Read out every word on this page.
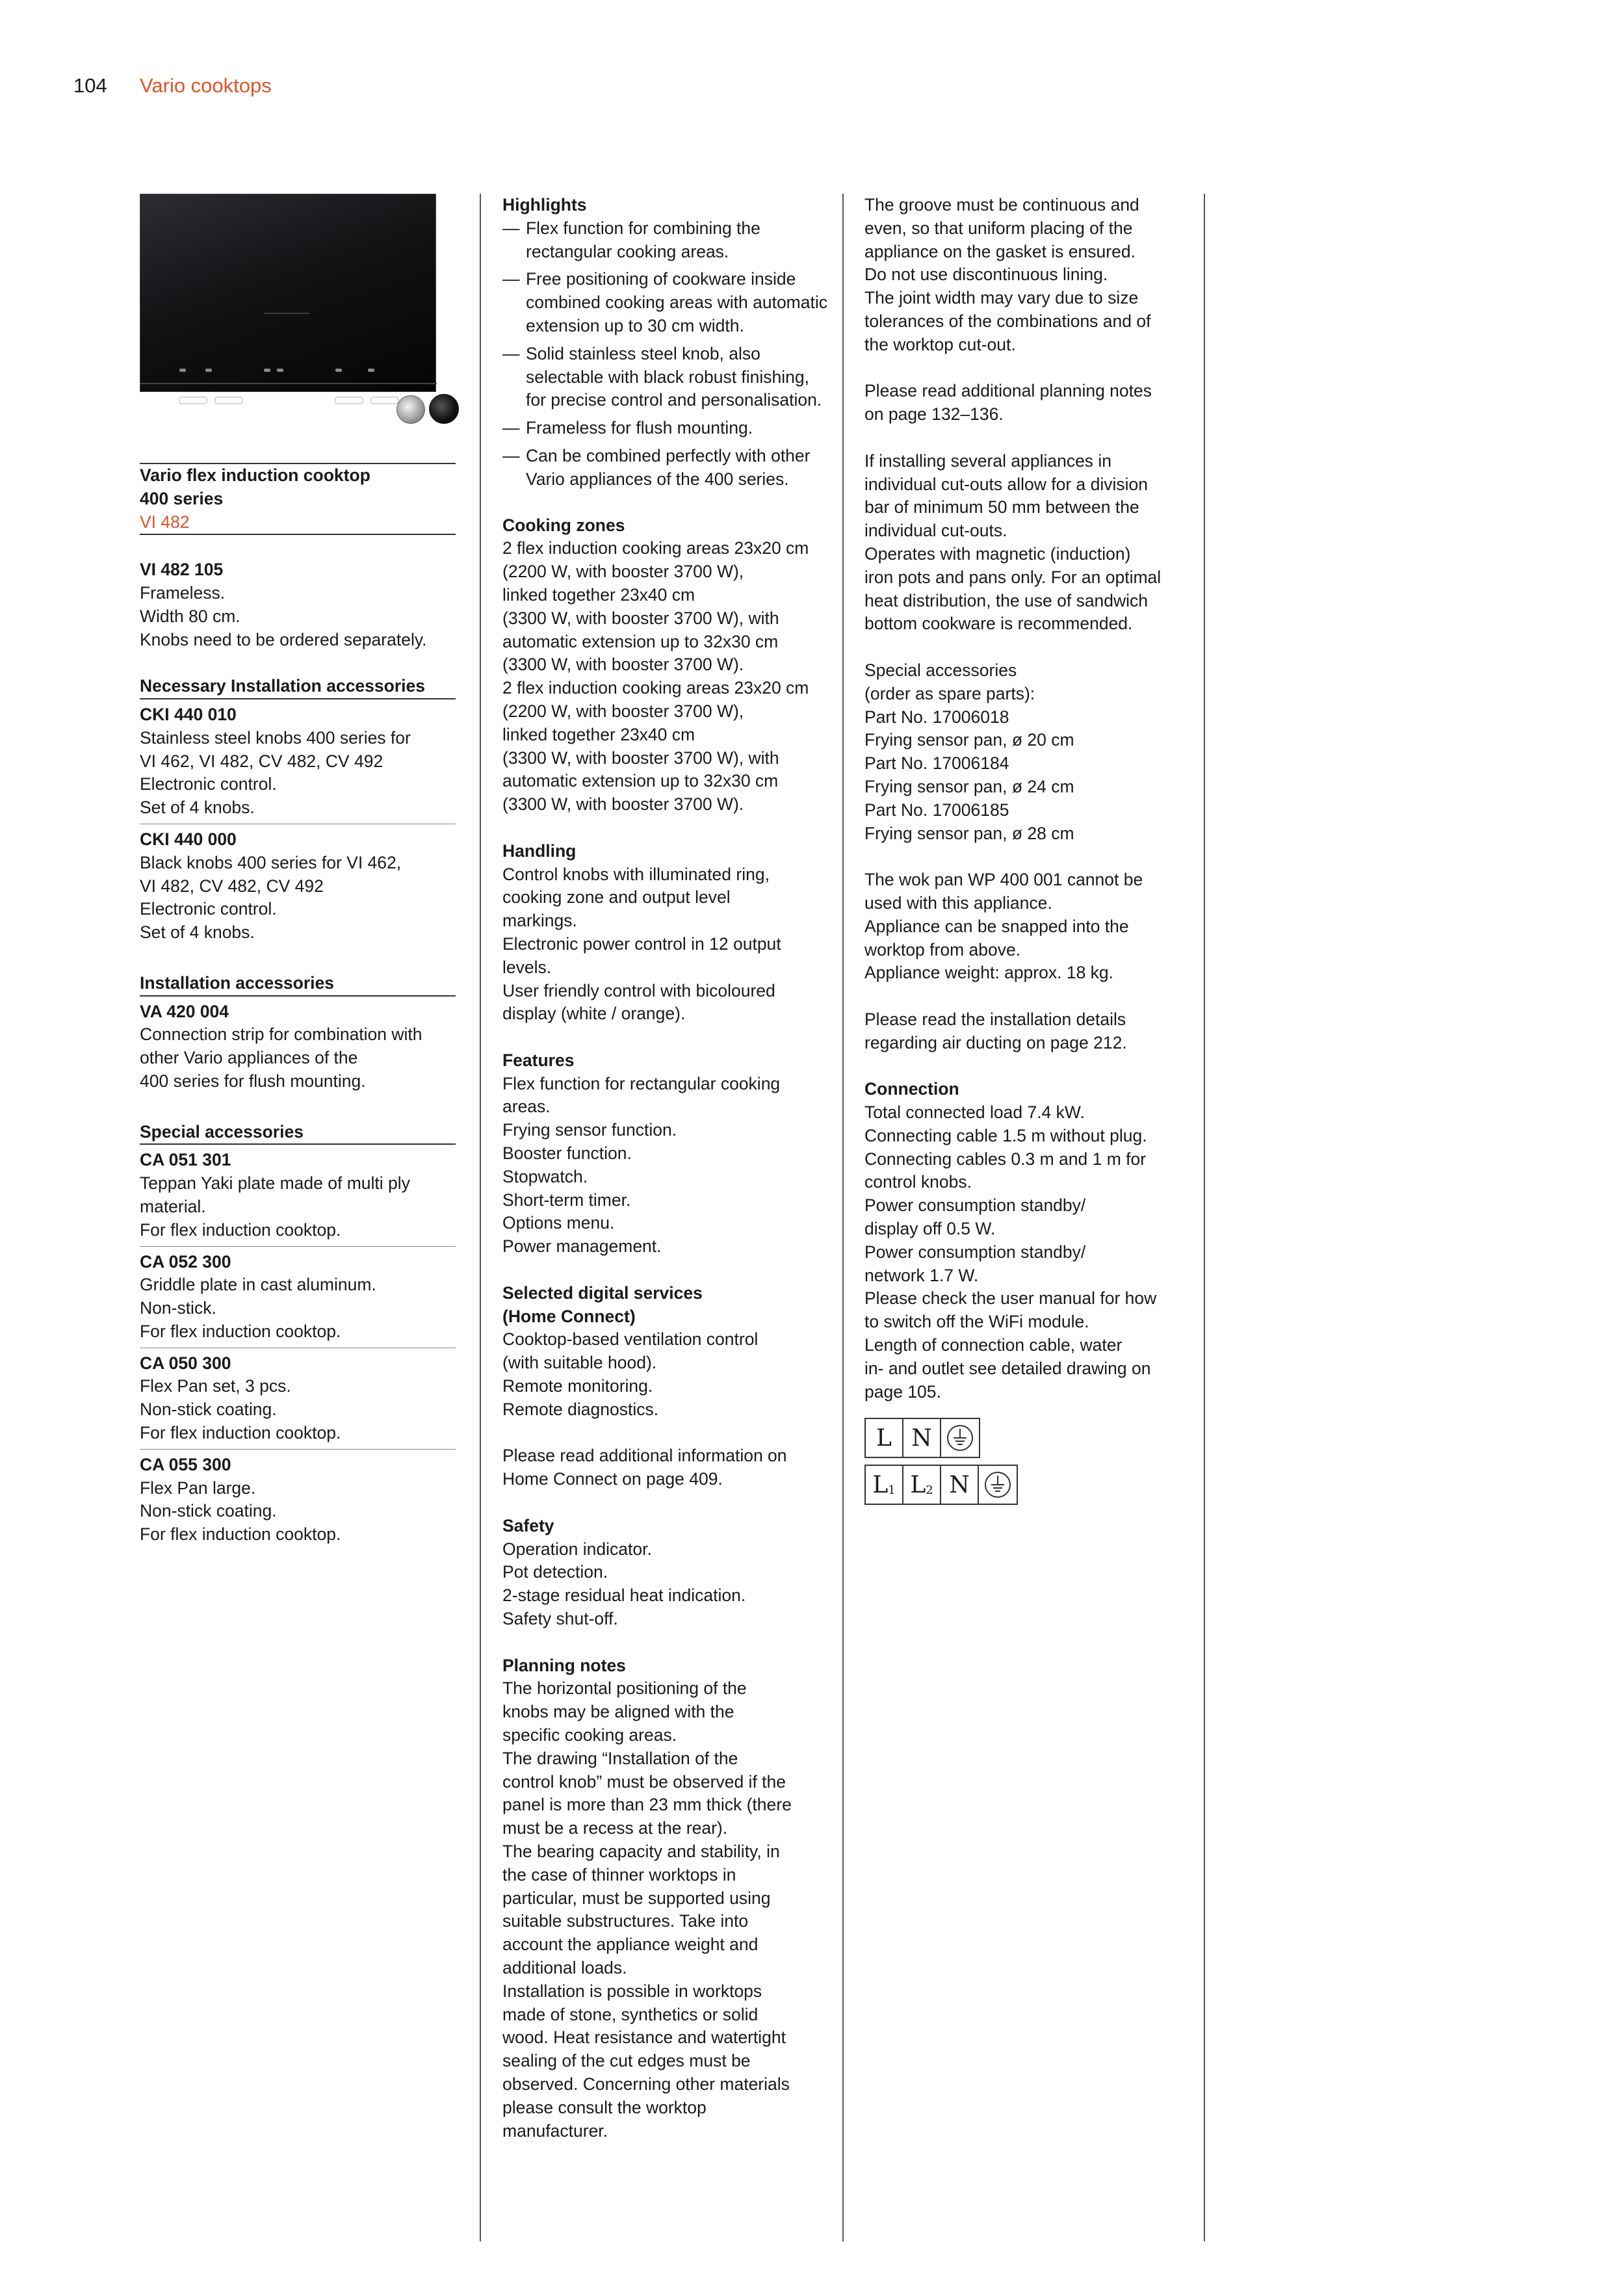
104 Vario cooktops

Vario flex induction cooktop

400 series

VI 482

VI 482 105

Frameless.

Width 80 cm.

Knobs need to be ordered separately.

Necessary Installation accessories

CKI 440 010

Stainless steel knobs 400 series for

VI 462, VI 482, CV 482, CV 492

Electronic control.

Set of 4 knobs.

CKI 440 000

Black knobs 400 series for VI 462,

VI 482, CV 482, CV 492

Electronic control.

Set of 4 knobs.

Installation accessories

VA 420 004

Connection strip for combination with

other Vario appliances of the

400 series for flush mounting.

Special accessories

CA 051 301

Teppan Yaki plate made of multi ply

material.

For flex induction cooktop.

CA 052 300

Griddle plate in cast aluminum.

Non-stick.

For flex induction cooktop.

CA 050 300

Flex Pan set, 3 pcs.

Non-stick coating.

For flex induction cooktop.

CA 055 300

Flex Pan large.

Non-stick coating.

For flex induction cooktop.

Highlights

— Flex function for combining the rectangular cooking areas.
— Free positioning of cookware inside combined cooking areas with automatic extension up to 30 cm width.
— Solid stainless steel knob, also selectable with black robust finishing, for precise control and personalisation.
— Frameless for flush mounting.
— Can be combined perfectly with other Vario appliances of the 400 series.

Cooking zones

2 flex induction cooking areas 23x20 cm

(2200 W, with booster 3700 W),

linked together 23x40 cm

(3300 W, with booster 3700 W), with

automatic extension up to 32x30 cm

(3300 W, with booster 3700 W).

2 flex induction cooking areas 23x20 cm

(2200 W, with booster 3700 W),

linked together 23x40 cm

(3300 W, with booster 3700 W), with

automatic extension up to 32x30 cm

(3300 W, with booster 3700 W).

Handling

Control knobs with illuminated ring,

cooking zone and output level

markings.

Electronic power control in 12 output

levels.

User friendly control with bicoloured

display (white / orange).

Features

Flex function for rectangular cooking

areas.

Frying sensor function.

Booster function.

Stopwatch.

Short-term timer.

Options menu.

Power management.

Selected digital services

(Home Connect)

Cooktop-based ventilation control

(with suitable hood).

Remote monitoring.

Remote diagnostics.

Please read additional information on

Home Connect on page 409.

Safety

Operation indicator.

Pot detection.

2-stage residual heat indication.

Safety shut-off.

Planning notes

The horizontal positioning of the

knobs may be aligned with the

specific cooking areas.

The drawing “Installation of the

control knob” must be observed if the

panel is more than 23 mm thick (there

must be a recess at the rear).

The bearing capacity and stability, in

the case of thinner worktops in

particular, must be supported using

suitable substructures. Take into

account the appliance weight and

additional loads.

Installation is possible in worktops

made of stone, synthetics or solid

wood. Heat resistance and watertight

sealing of the cut edges must be

observed. Concerning other materials

please consult the worktop

manufacturer.

The groove must be continuous and

even, so that uniform placing of the

appliance on the gasket is ensured.

Do not use discontinuous lining.

The joint width may vary due to size

tolerances of the combinations and of

the worktop cut-out.

Please read additional planning notes

on page 132–136.

If installing several appliances in

individual cut-outs allow for a division

bar of minimum 50 mm between the

individual cut-outs.

Operates with magnetic (induction)

iron pots and pans only. For an optimal

heat distribution, the use of sandwich

bottom cookware is recommended.

Special accessories

(order as spare parts):

Part No. 17006018

Frying sensor pan, ø 20 cm

Part No. 17006184

Frying sensor pan, ø 24 cm

Part No. 17006185

Frying sensor pan, ø 28 cm

The wok pan WP 400 001 cannot be

used with this appliance.

Appliance can be snapped into the

worktop from above.

Appliance weight: approx. 18 kg.

Please read the installation details

regarding air ducting on page 212.

Connection

Total connected load 7.4 kW.

Connecting cable 1.5 m without plug.

Connecting cables 0.3 m and 1 m for

control knobs.

Power consumption standby/

display off 0.5 W.

Power consumption standby/

network 1.7 W.

Please check the user manual for how

to switch off the WiFi module.

Length of connection cable, water

in- and outlet see detailed drawing on

page 105.

L N

$L_1$ $L_2$ N
